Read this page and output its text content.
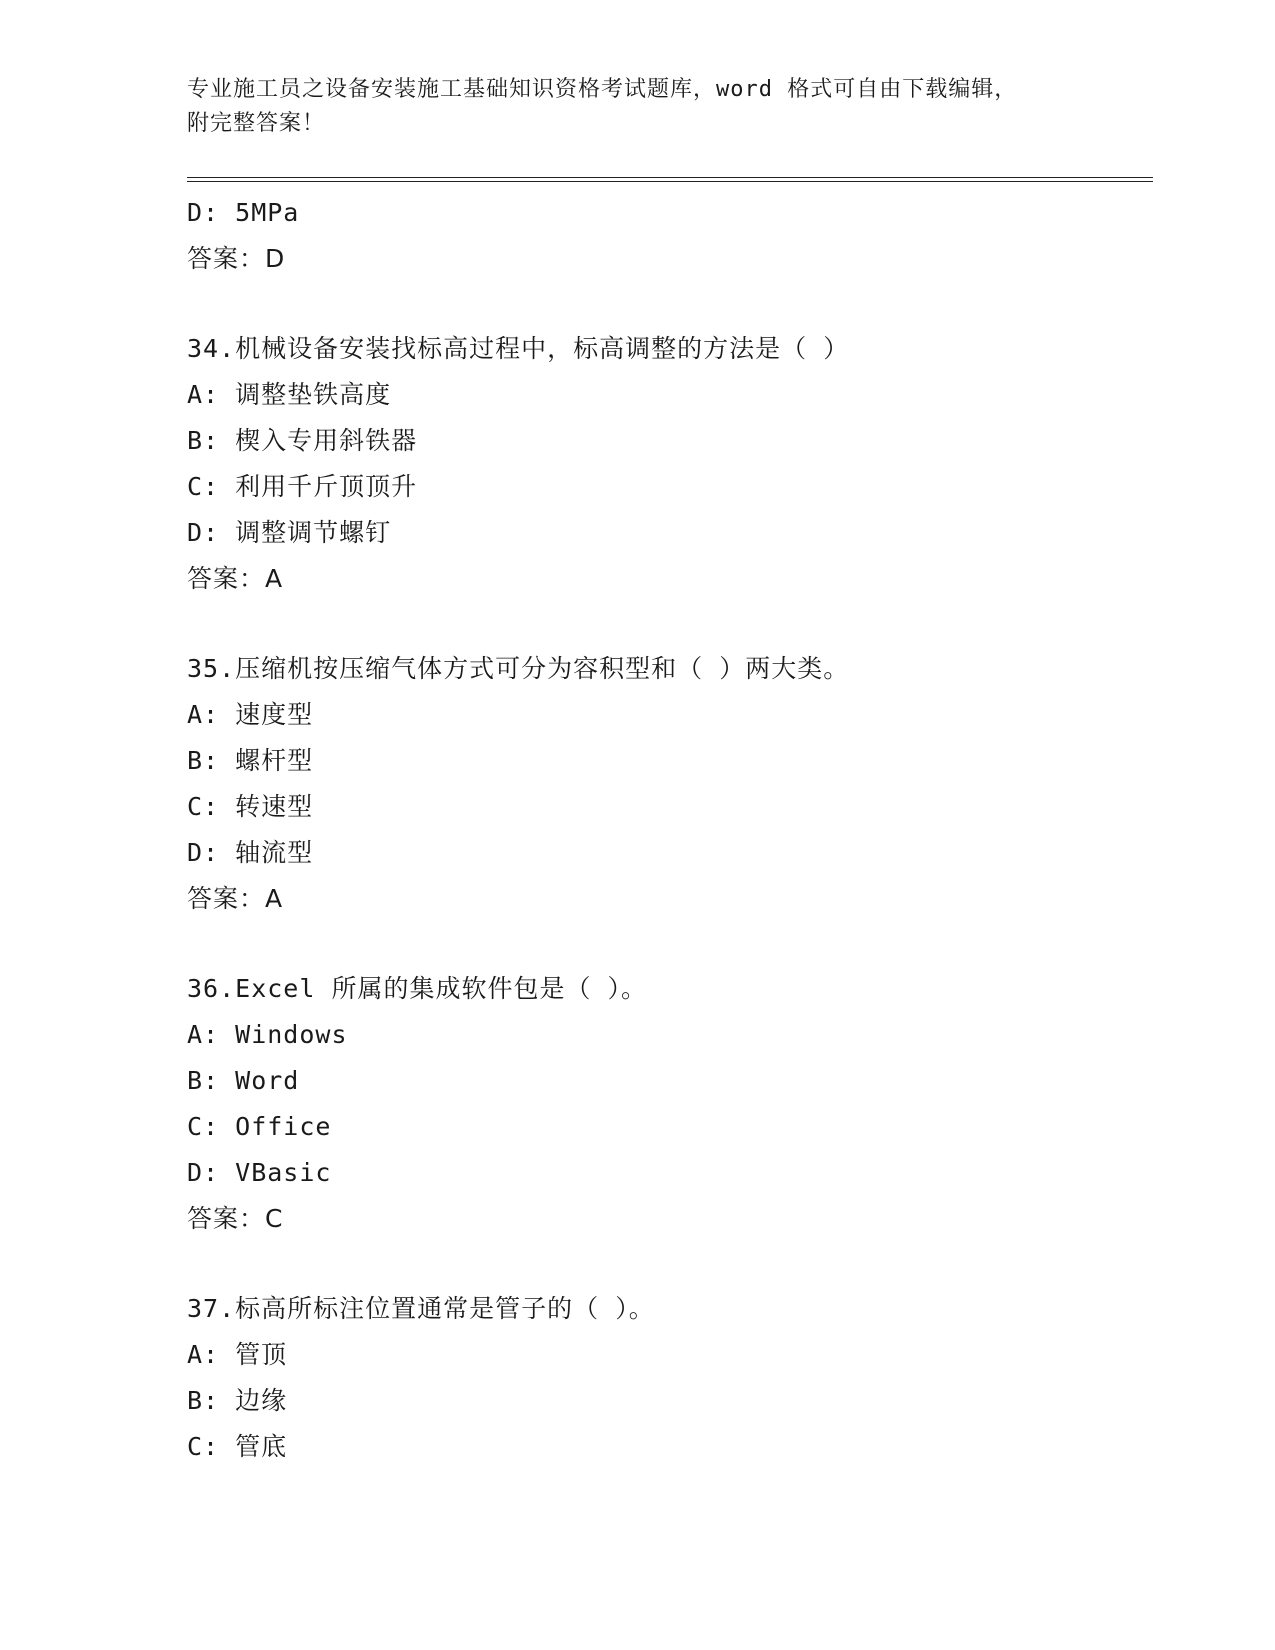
专业施工员之设备安装施工基础知识资格考试题库，word 格式可自由下载编辑，
附完整答案！
D: 5MPa
答案：D
34.机械设备安装找标高过程中，标高调整的方法是（ ）
A: 调整垫铁高度
B: 楔入专用斜铁器
C: 利用千斤顶顶升
D: 调整调节螺钉
答案：A
35.压缩机按压缩气体方式可分为容积型和（ ）两大类。
A: 速度型
B: 螺杆型
C: 转速型
D: 轴流型
答案：A
36.Excel 所属的集成软件包是（ ）。
A: Windows
B: Word
C: Office
D: VBasic
答案：C
37.标高所标注位置通常是管子的（ ）。
A: 管顶
B: 边缘
C: 管底
